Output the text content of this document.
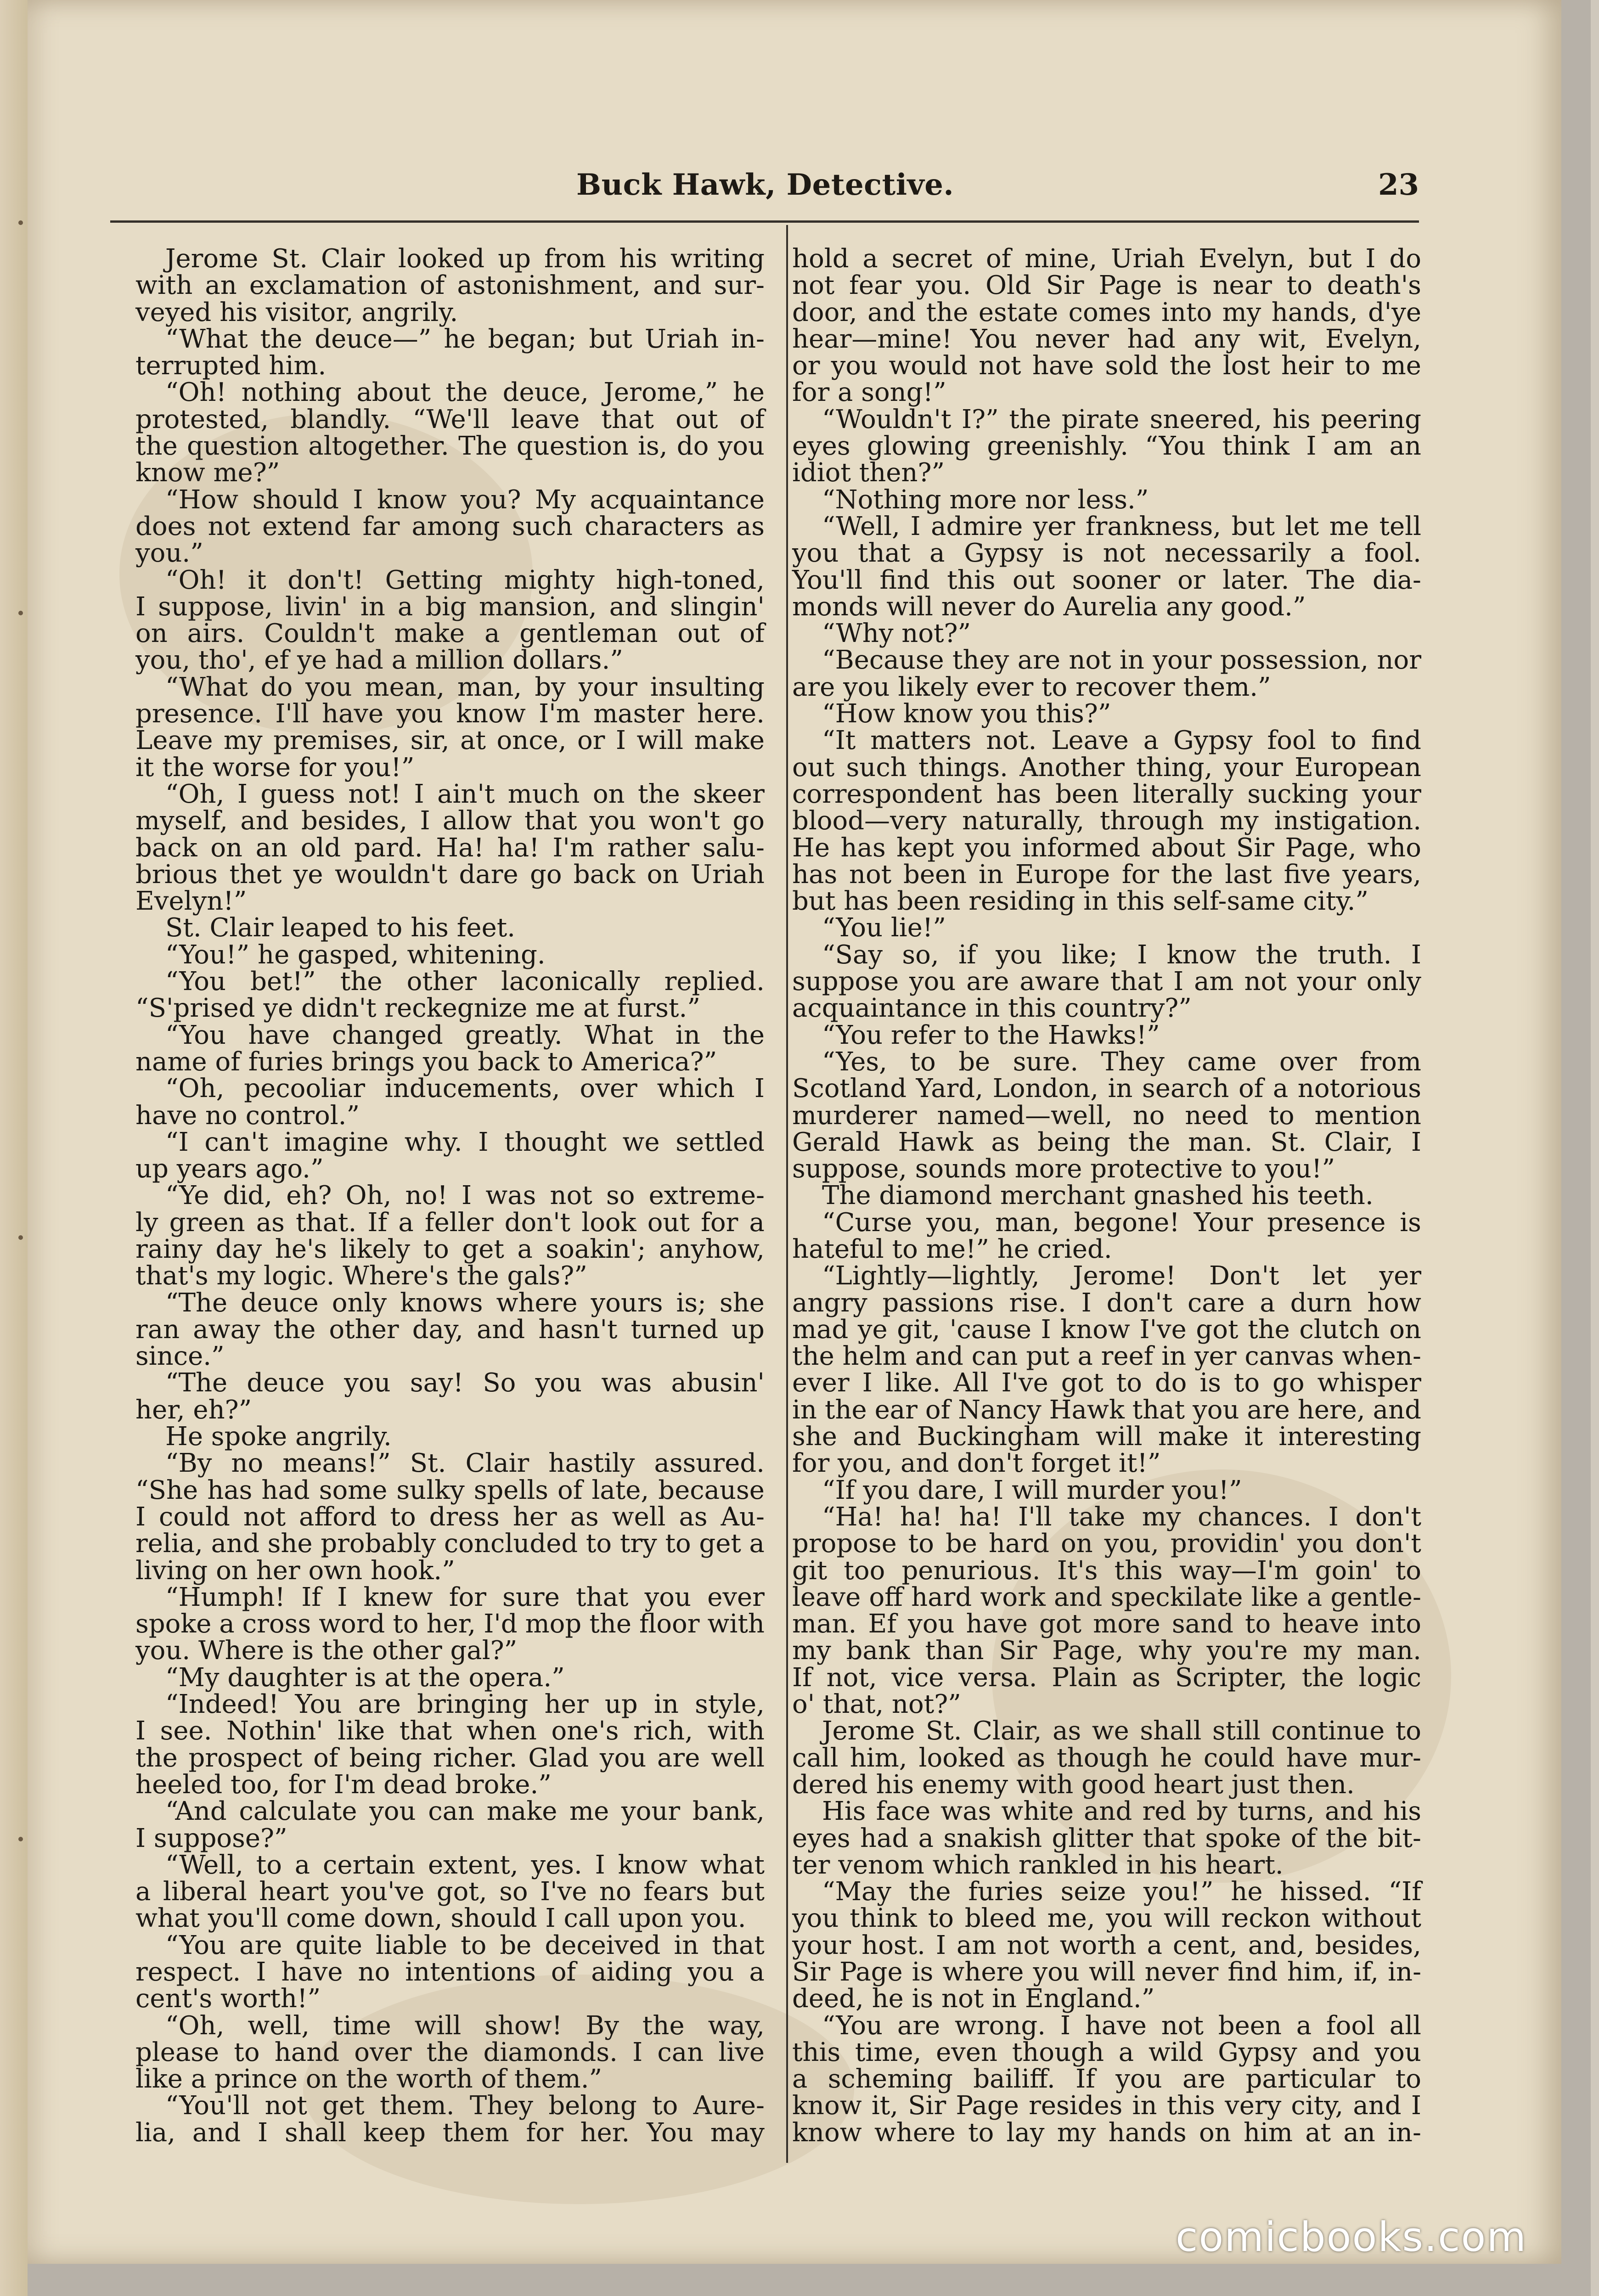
Buck Hawk, Detective.	23
Jerome St. Clair looked up from his writing
with an exclamation of astonishment, and sur-
veyed his visitor, angrily.
“What the deuce—” he began; but Uriah in-
terrupted him.
“Oh! nothing about the deuce, Jerome,” he
protested, blandly. “We'll leave that out of
the question altogether. The question is, do you
know me?”
“How should I know you? My acquaintance
does not extend far among such characters as
you.”
“Oh! it don't! Getting mighty high-toned,
I suppose, livin' in a big mansion, and slingin'
on airs. Couldn't make a gentleman out of
you, tho', ef ye had a million dollars.”
“What do you mean, man, by your insulting
presence. I'll have you know I'm master here.
Leave my premises, sir, at once, or I will make
it the worse for you!”
“Oh, I guess not! I ain't much on the skeer
myself, and besides, I allow that you won't go
back on an old pard. Ha! ha! I'm rather salu-
brious thet ye wouldn't dare go back on Uriah
Evelyn!”
St. Clair leaped to his feet.
“You!” he gasped, whitening.
“You bet!” the other laconically replied.
“S'prised ye didn't reckegnize me at furst.”
“You have changed greatly. What in the
name of furies brings you back to America?”
“Oh, pecooliar inducements, over which I
have no control.”
“I can't imagine why. I thought we settled
up years ago.”
“Ye did, eh? Oh, no! I was not so extreme-
ly green as that. If a feller don't look out for a
rainy day he's likely to get a soakin'; anyhow,
that's my logic. Where's the gals?”
“The deuce only knows where yours is; she
ran away the other day, and hasn't turned up
since.”
“The deuce you say! So you was abusin'
her, eh?”
He spoke angrily.
“By no means!” St. Clair hastily assured.
“She has had some sulky spells of late, because
I could not afford to dress her as well as Au-
relia, and she probably concluded to try to get a
living on her own hook.”
“Humph! If I knew for sure that you ever
spoke a cross word to her, I'd mop the floor with
you. Where is the other gal?”
“My daughter is at the opera.”
“Indeed! You are bringing her up in style,
I see. Nothin' like that when one's rich, with
the prospect of being richer. Glad you are well
heeled too, for I'm dead broke.”
“And calculate you can make me your bank,
I suppose?”
“Well, to a certain extent, yes. I know what
a liberal heart you've got, so I've no fears but
what you'll come down, should I call upon you.
“You are quite liable to be deceived in that
respect. I have no intentions of aiding you a
cent's worth!”
“Oh, well, time will show! By the way,
please to hand over the diamonds. I can live
like a prince on the worth of them.”
“You'll not get them. They belong to Aure-
lia, and I shall keep them for her. You may
hold a secret of mine, Uriah Evelyn, but I do
not fear you. Old Sir Page is near to death's
door, and the estate comes into my hands, d'ye
hear—mine! You never had any wit, Evelyn,
or you would not have sold the lost heir to me
for a song!”
“Wouldn't I?” the pirate sneered, his peering
eyes glowing greenishly. “You think I am an
idiot then?”
“Nothing more nor less.”
“Well, I admire yer frankness, but let me tell
you that a Gypsy is not necessarily a fool.
You'll find this out sooner or later. The dia-
monds will never do Aurelia any good.”
“Why not?”
“Because they are not in your possession, nor
are you likely ever to recover them.”
“How know you this?”
“It matters not. Leave a Gypsy fool to find
out such things. Another thing, your European
correspondent has been literally sucking your
blood—very naturally, through my instigation.
He has kept you informed about Sir Page, who
has not been in Europe for the last five years,
but has been residing in this self-same city.”
“You lie!”
“Say so, if you like; I know the truth. I
suppose you are aware that I am not your only
acquaintance in this country?”
“You refer to the Hawks!”
“Yes, to be sure. They came over from
Scotland Yard, London, in search of a notorious
murderer named—well, no need to mention
Gerald Hawk as being the man. St. Clair, I
suppose, sounds more protective to you!”
The diamond merchant gnashed his teeth.
“Curse you, man, begone! Your presence is
hateful to me!” he cried.
“Lightly—lightly, Jerome! Don't let yer
angry passions rise. I don't care a durn how
mad ye git, 'cause I know I've got the clutch on
the helm and can put a reef in yer canvas when-
ever I like. All I've got to do is to go whisper
in the ear of Nancy Hawk that you are here, and
she and Buckingham will make it interesting
for you, and don't forget it!”
“If you dare, I will murder you!”
“Ha! ha! ha! I'll take my chances. I don't
propose to be hard on you, providin' you don't
git too penurious. It's this way—I'm goin' to
leave off hard work and speckilate like a gentle-
man. Ef you have got more sand to heave into
my bank than Sir Page, why you're my man.
If not, vice versa. Plain as Scripter, the logic
o' that, not?”
Jerome St. Clair, as we shall still continue to
call him, looked as though he could have mur-
dered his enemy with good heart just then.
His face was white and red by turns, and his
eyes had a snakish glitter that spoke of the bit-
ter venom which rankled in his heart.
“May the furies seize you!” he hissed. “If
you think to bleed me, you will reckon without
your host. I am not worth a cent, and, besides,
Sir Page is where you will never find him, if, in-
deed, he is not in England.”
“You are wrong. I have not been a fool all
this time, even though a wild Gypsy and you
a scheming bailiff. If you are particular to
know it, Sir Page resides in this very city, and I
know where to lay my hands on him at an in-
comicbooks.com
